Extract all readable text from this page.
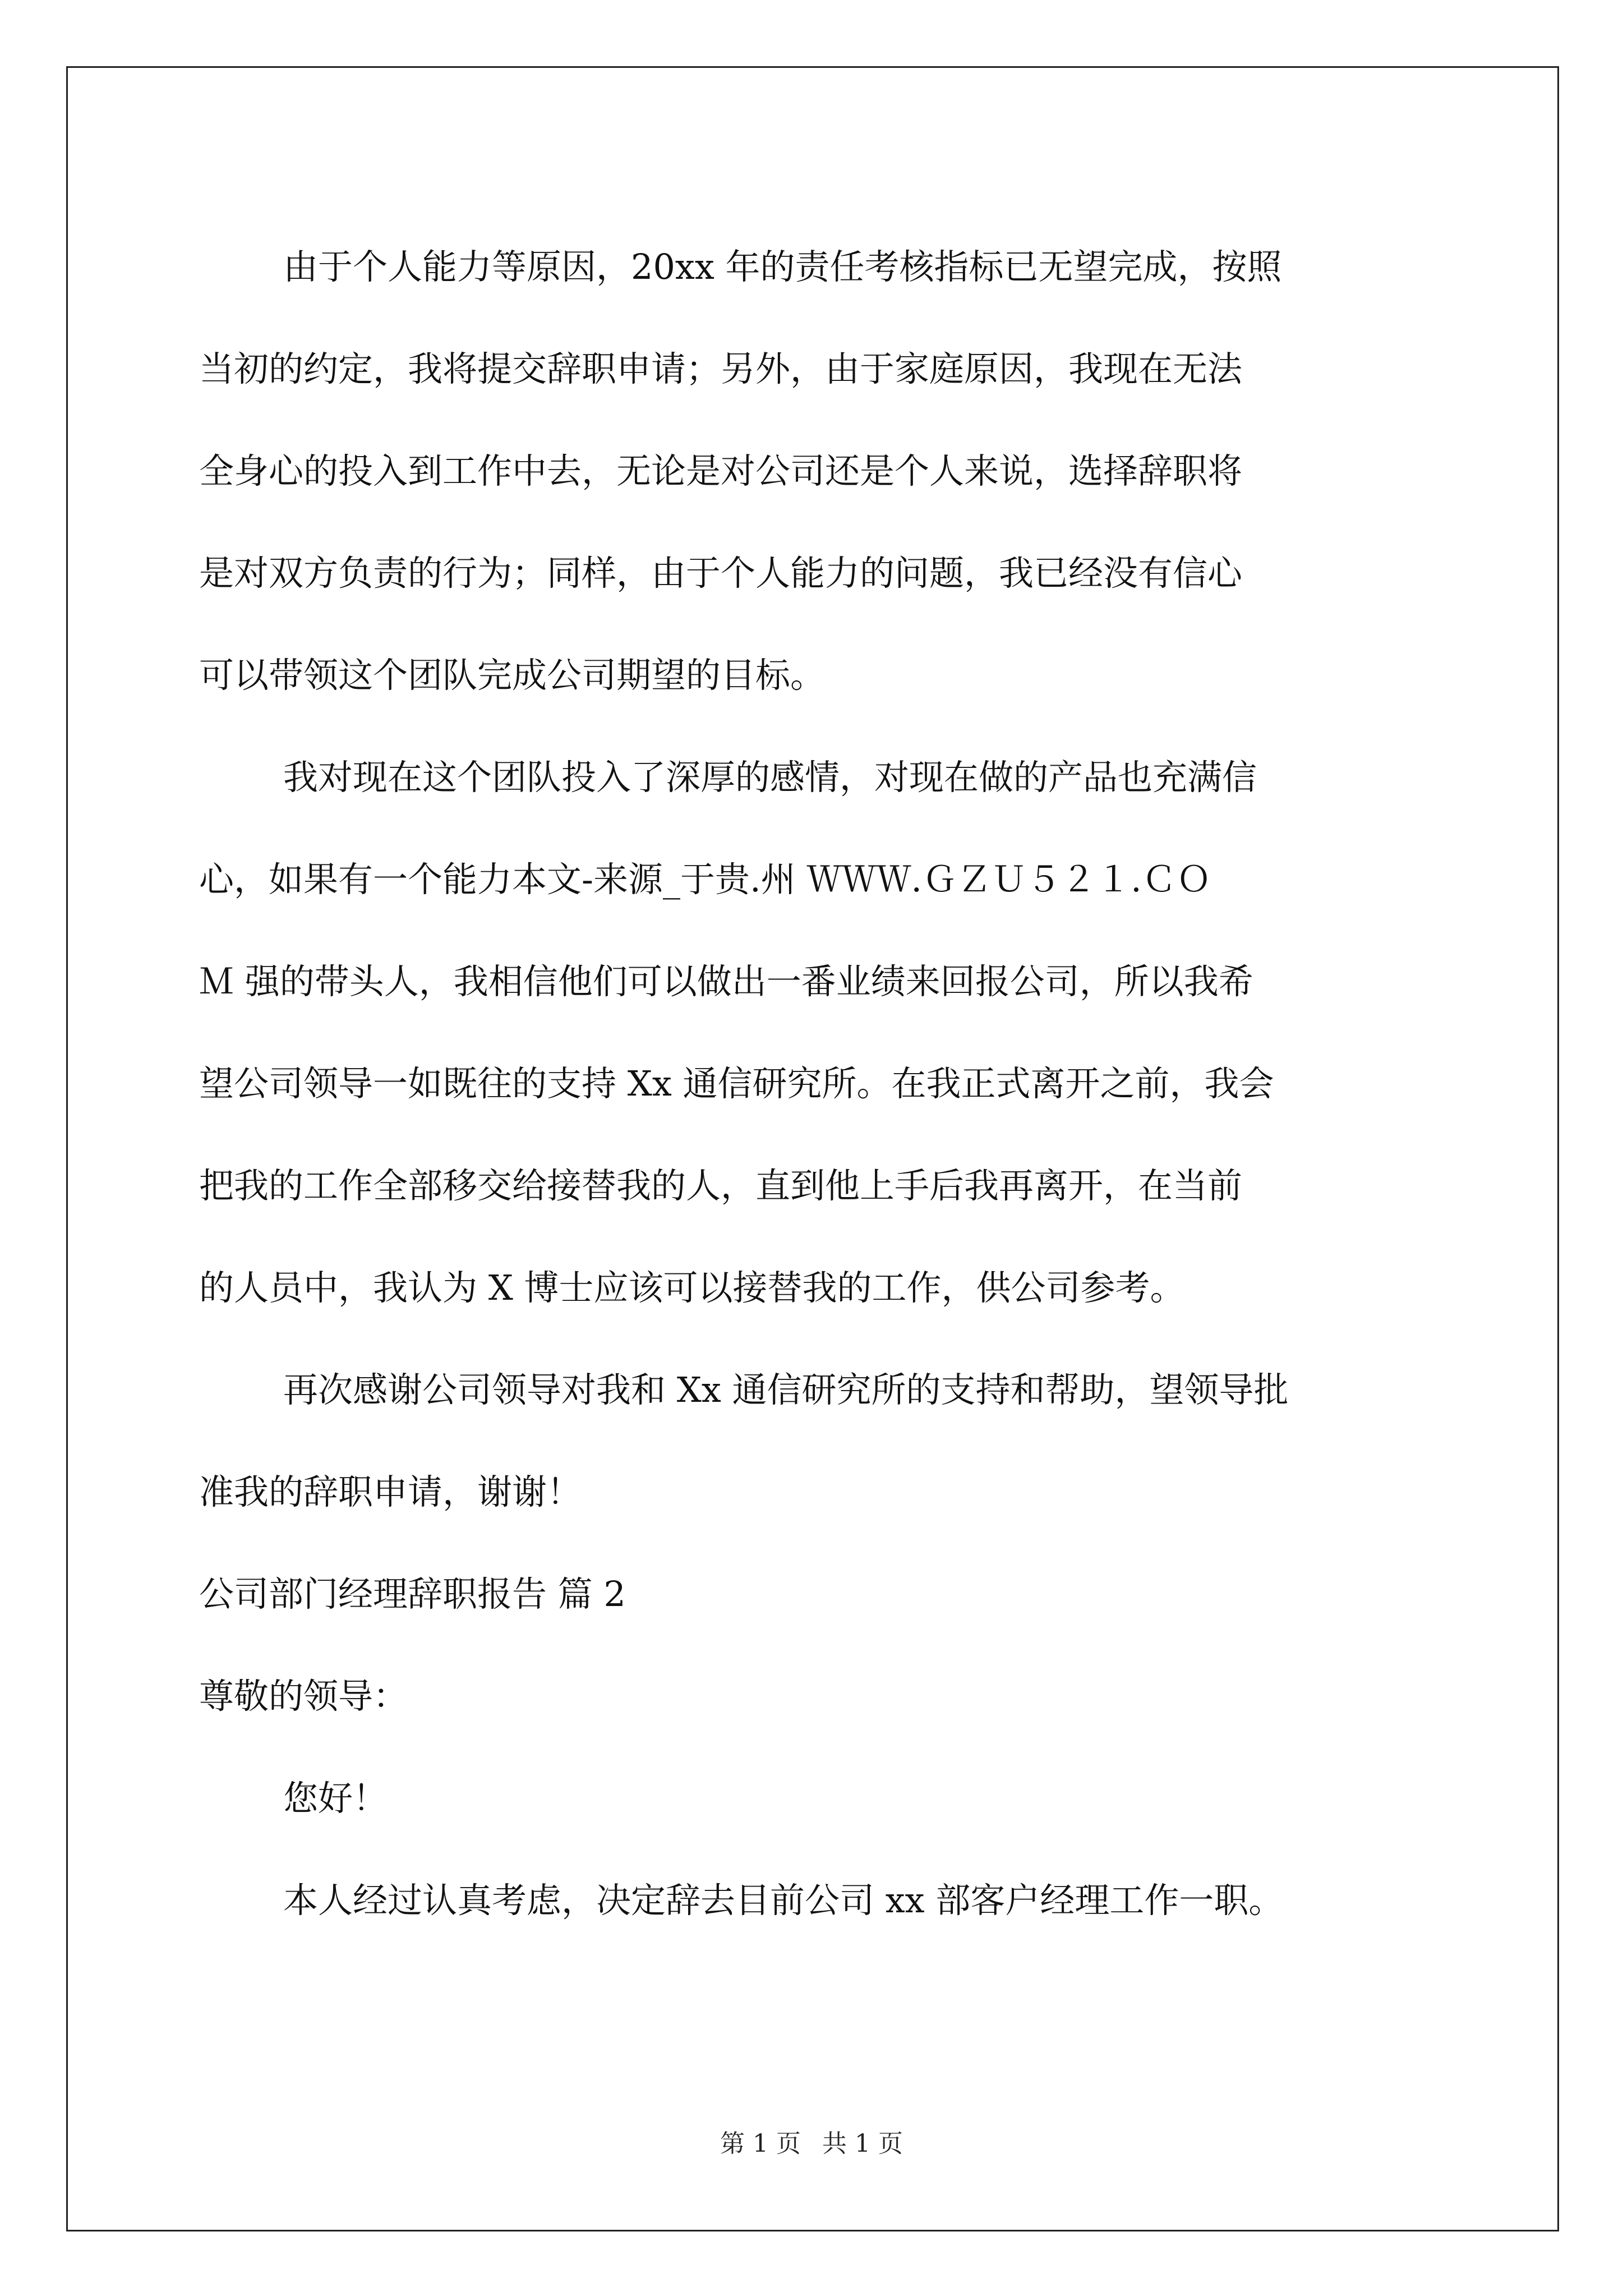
由于个人能力等原因，20xx 年的责任考核指标已无望完成，按照
当初的约定，我将提交辞职申请；另外，由于家庭原因，我现在无法
全身心的投入到工作中去，无论是对公司还是个人来说，选择辞职将
是对双方负责的行为；同样，由于个人能力的问题，我已经没有信心
可以带领这个团队完成公司期望的目标。

我对现在这个团队投入了深厚的感情，对现在做的产品也充满信
心，如果有一个能力本文-来源_于贵.州 ＷＷＷ.ＧＺＵ５２１.ＣＯ
Ｍ 强的带头人，我相信他们可以做出一番业绩来回报公司，所以我希
望公司领导一如既往的支持 Xx 通信研究所。在我正式离开之前，我会
把我的工作全部移交给接替我的人，直到他上手后我再离开，在当前
的人员中，我认为 X 博士应该可以接替我的工作，供公司参考。

再次感谢公司领导对我和 Xx 通信研究所的支持和帮助，望领导批
准我的辞职申请，谢谢！

公司部门经理辞职报告 篇 2

尊敬的领导：

您好！

本人经过认真考虑，决定辞去目前公司 xx 部客户经理工作一职。

第 1 页 共 1 页
